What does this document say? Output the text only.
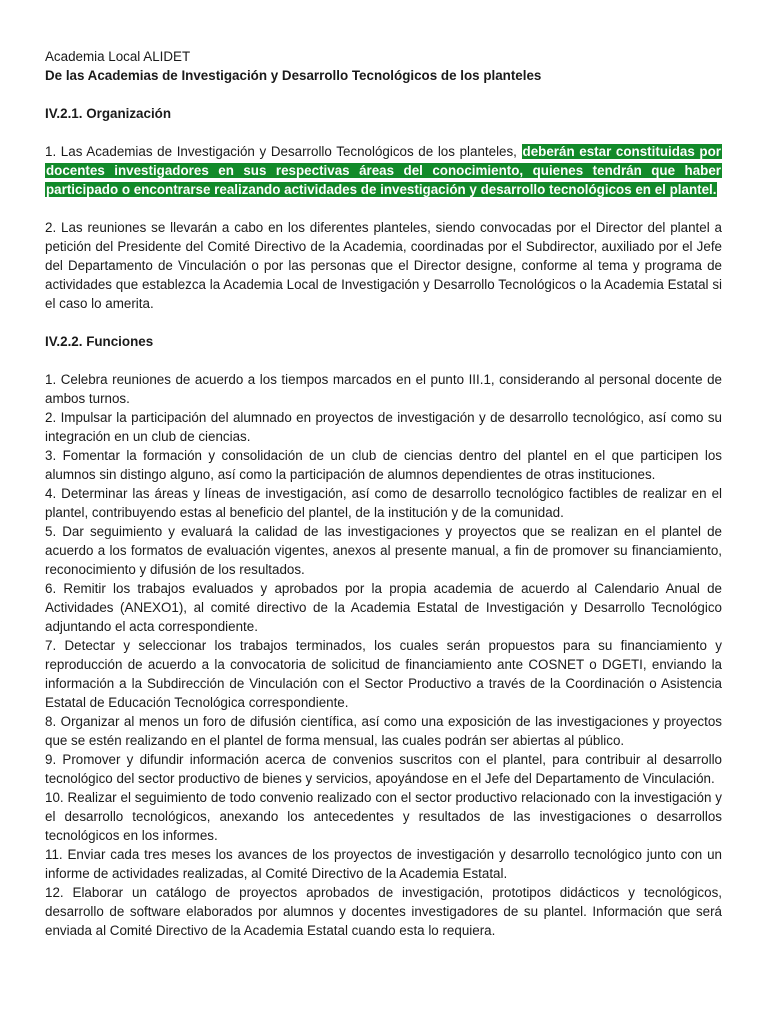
Academia Local ALIDET

De las Academias de Investigación y Desarrollo Tecnológicos de los planteles

IV.2.1. Organización

1. Las Academias de Investigación y Desarrollo Tecnológicos de los planteles, deberán estar constituidas por docentes investigadores en sus respectivas áreas del conocimiento, quienes tendrán que haber participado o encontrarse realizando actividades de investigación y desarrollo tecnológicos en el plantel.

2. Las reuniones se llevarán a cabo en los diferentes planteles, siendo convocadas por el Director del plantel a petición del Presidente del Comité Directivo de la Academia, coordinadas por el Subdirector, auxiliado por el Jefe del Departamento de Vinculación o por las personas que el Director designe, conforme al tema y programa de actividades que establezca la Academia Local de Investigación y Desarrollo Tecnológicos o la Academia Estatal si el caso lo amerita.

IV.2.2. Funciones

1. Celebra reuniones de acuerdo a los tiempos marcados en el punto III.1, considerando al personal docente de ambos turnos.

2. Impulsar la participación del alumnado en proyectos de investigación y de desarrollo tecnológico, así como su integración en un club de ciencias.

3. Fomentar la formación y consolidación de un club de ciencias dentro del plantel en el que participen los alumnos sin distingo alguno, así como la participación de alumnos dependientes de otras instituciones.

4. Determinar las áreas y líneas de investigación, así como de desarrollo tecnológico factibles de realizar en el plantel, contribuyendo estas al beneficio del plantel, de la institución y de la comunidad.

5. Dar seguimiento y evaluará la calidad de las investigaciones y proyectos que se realizan en el plantel de acuerdo a los formatos de evaluación vigentes, anexos al presente manual, a fin de promover su financiamiento, reconocimiento y difusión de los resultados.

6. Remitir los trabajos evaluados y aprobados por la propia academia de acuerdo al Calendario Anual de Actividades (ANEXO1), al comité directivo de la Academia Estatal de Investigación y Desarrollo Tecnológico adjuntando el acta correspondiente.

7. Detectar y seleccionar los trabajos terminados, los cuales serán propuestos para su financiamiento y reproducción de acuerdo a la convocatoria de solicitud de financiamiento ante COSNET o DGETI, enviando la información a la Subdirección de Vinculación con el Sector Productivo a través de la Coordinación o Asistencia Estatal de Educación Tecnológica correspondiente.

8. Organizar al menos un foro de difusión científica, así como una exposición de las investigaciones y proyectos que se estén realizando en el plantel de forma mensual, las cuales podrán ser abiertas al público.

9. Promover y difundir información acerca de convenios suscritos con el plantel, para contribuir al desarrollo tecnológico del sector productivo de bienes y servicios, apoyándose en el Jefe del Departamento de Vinculación.

10. Realizar el seguimiento de todo convenio realizado con el sector productivo relacionado con la investigación y el desarrollo tecnológicos, anexando los antecedentes y resultados de las investigaciones o desarrollos tecnológicos en los informes.

11. Enviar cada tres meses los avances de los proyectos de investigación y desarrollo tecnológico junto con un informe de actividades realizadas, al Comité Directivo de la Academia Estatal.

12. Elaborar un catálogo de proyectos aprobados de investigación, prototipos didácticos y tecnológicos, desarrollo de software elaborados por alumnos y docentes investigadores de su plantel. Información que será enviada al Comité Directivo de la Academia Estatal cuando esta lo requiera.
